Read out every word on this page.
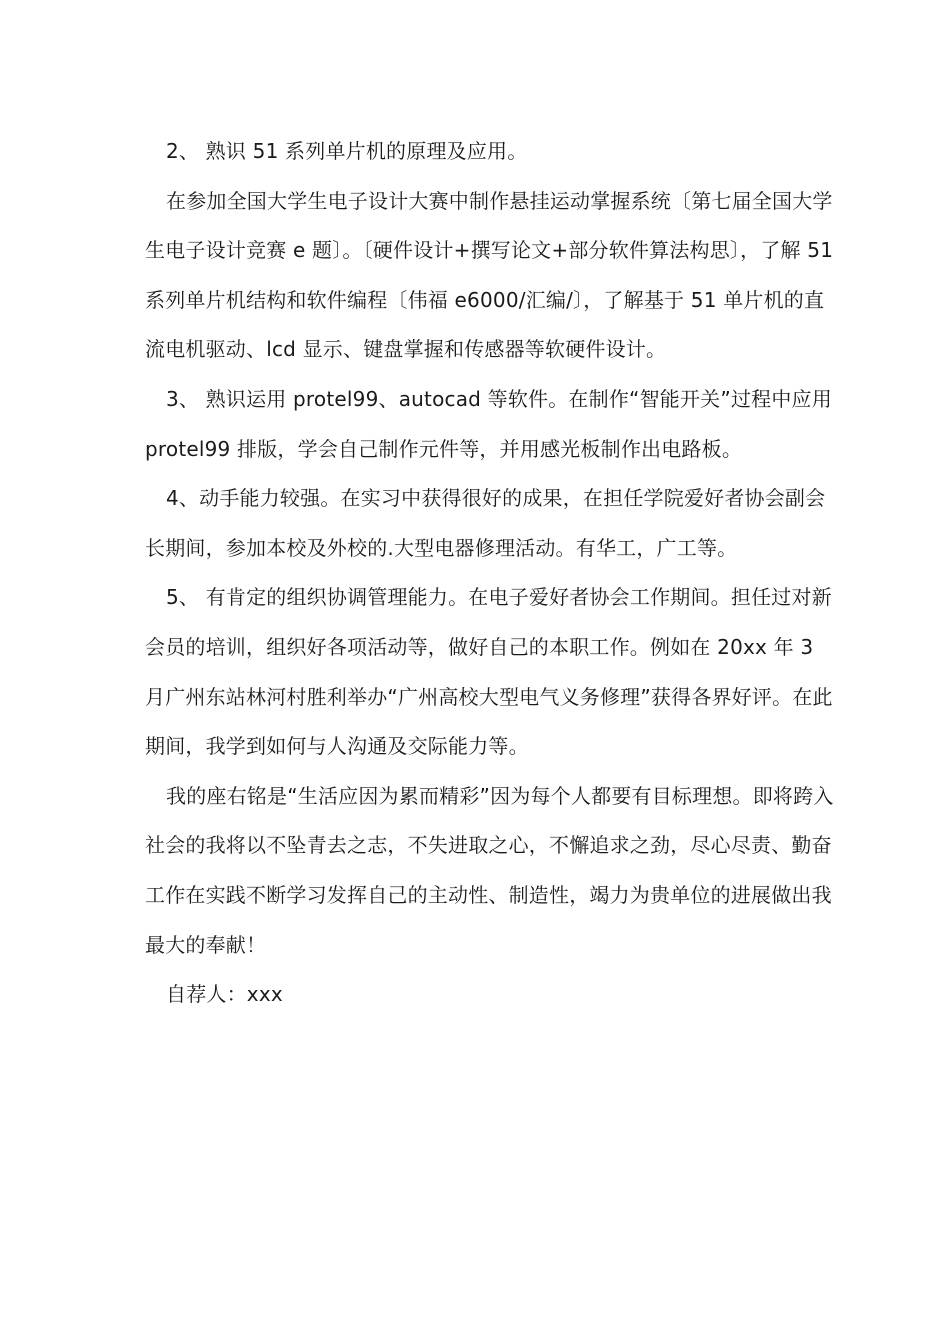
2、 熟识 51 系列单片机的原理及应用。

在参加全国大学生电子设计大赛中制作悬挂运动掌握系统〔第七届全国大学生电子设计竞赛 e 题〕。〔硬件设计+撰写论文+部分软件算法构思〕，了解 51 系列单片机结构和软件编程〔伟福 e6000/汇编/〕，了解基于 51 单片机的直流电机驱动、lcd 显示、键盘掌握和传感器等软硬件设计。

3、 熟识运用 protel99、autocad 等软件。在制作“智能开关”过程中应用 protel99 排版，学会自己制作元件等，并用感光板制作出电路板。

4、动手能力较强。在实习中获得很好的成果，在担任学院爱好者协会副会长期间，参加本校及外校的.大型电器修理活动。有华工，广工等。

5、 有肯定的组织协调管理能力。在电子爱好者协会工作期间。担任过对新会员的培训，组织好各项活动等，做好自己的本职工作。例如在 20xx 年 3 月广州东站林河村胜利举办“广州高校大型电气义务修理”获得各界好评。在此期间，我学到如何与人沟通及交际能力等。

我的座右铭是“生活应因为累而精彩”因为每个人都要有目标理想。即将跨入社会的我将以不坠青去之志，不失进取之心，不懈追求之劲，尽心尽责、勤奋工作在实践不断学习发挥自己的主动性、制造性，竭力为贵单位的进展做出我最大的奉献！

自荐人：xxx
